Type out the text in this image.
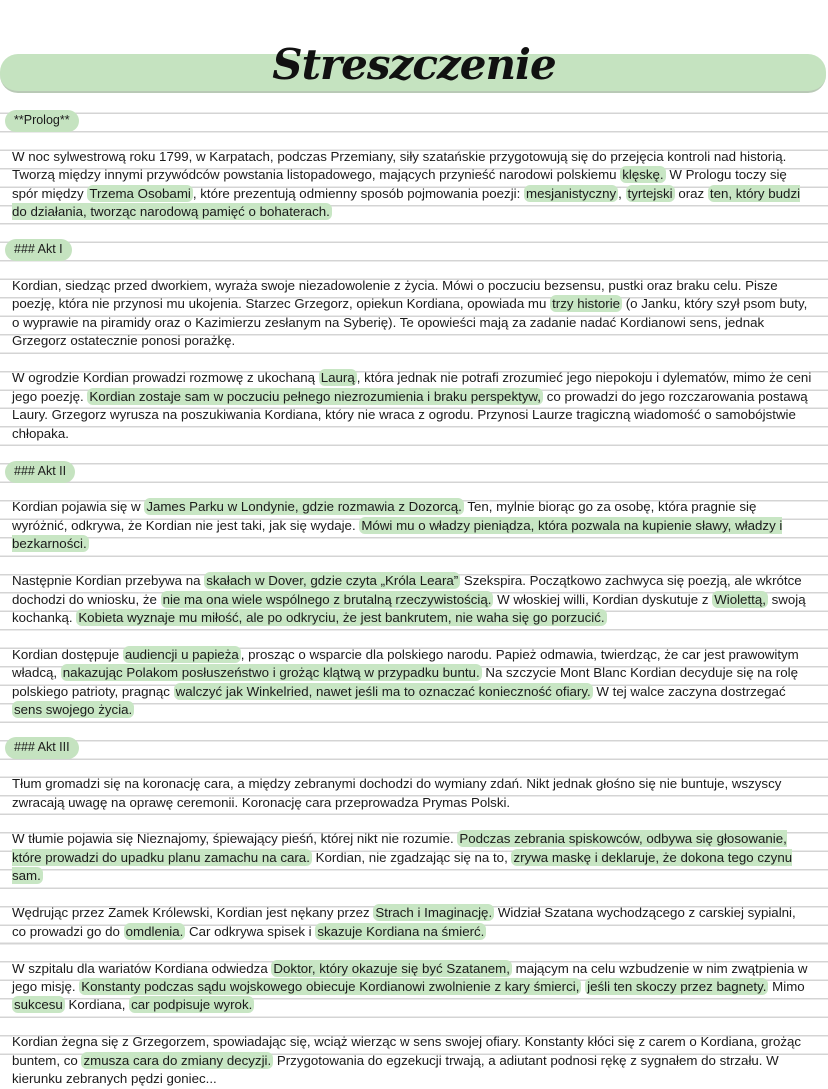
Streszczenie
**Prolog**

W noc sylwestrową roku 1799, w Karpatach, podczas Przemiany, siły szatańskie przygotowują się do przejęcia kontroli nad historią. Tworzą między innymi przywódców powstania listopadowego, mających przynieść narodowi polskiemu klęskę. W Prologu toczy się spór między Trzema Osobami , które prezentują odmienny sposób pojmowania poezji: mesjanistyczny , tyrtejski oraz ten, który budzi do działania, tworząc narodową pamięć o bohaterach.

### Akt I

Kordian, siedząc przed dworkiem, wyraża swoje niezadowolenie z życia. Mówi o poczuciu bezsensu, pustki oraz braku celu. Pisze poezję, która nie przynosi mu ukojenia. Starzec Grzegorz, opiekun Kordiana, opowiada mu trzy historie (o Janku, który szył psom buty, o wyprawie na piramidy oraz o Kazimierzu zesłanym na Syberię). Te opowieści mają za zadanie nadać Kordianowi sens, jednak Grzegorz ostatecznie ponosi porażkę.

W ogrodzie Kordian prowadzi rozmowę z ukochaną Laurą , która jednak nie potrafi zrozumieć jego niepokoju i dylematów, mimo że ceni jego poezję. Kordian zostaje sam w poczuciu pełnego niezrozumienia i braku perspektyw, co prowadzi do jego rozczarowania postawą Laury. Grzegorz wyrusza na poszukiwania Kordiana, który nie wraca z ogrodu. Przynosi Laurze tragiczną wiadomość o samobójstwie chłopaka.

### Akt II

Kordian pojawia się w James Parku w Londynie, gdzie rozmawia z Dozorcą. Ten, mylnie biorąc go za osobę, która pragnie się wyróżnić, odkrywa, że Kordian nie jest taki, jak się wydaje. Mówi mu o władzy pieniądza, która pozwala na kupienie sławy, władzy i bezkarności.

Następnie Kordian przebywa na skałach w Dover, gdzie czyta „Króla Leara” Szekspira. Początkowo zachwyca się poezją, ale wkrótce dochodzi do wniosku, że nie ma ona wiele wspólnego z brutalną rzeczywistością. W włoskiej willi, Kordian dyskutuje z Wiolettą, swoją kochanką. Kobieta wyznaje mu miłość, ale po odkryciu, że jest bankrutem, nie waha się go porzucić.

Kordian dostępuje audiencji u papieża , prosząc o wsparcie dla polskiego narodu. Papież odmawia, twierdząc, że car jest prawowitym władcą, nakazując Polakom posłuszeństwo i grożąc klątwą w przypadku buntu. Na szczycie Mont Blanc Kordian decyduje się na rolę polskiego patrioty, pragnąc walczyć jak Winkelried, nawet jeśli ma to oznaczać konieczność ofiary. W tej walce zaczyna dostrzegać sens swojego życia.

### Akt III

Tłum gromadzi się na koronację cara, a między zebranymi dochodzi do wymiany zdań. Nikt jednak głośno się nie buntuje, wszyscy zwracają uwagę na oprawę ceremonii. Koronację cara przeprowadza Prymas Polski.

W tłumie pojawia się Nieznajomy, śpiewający pieśń, której nikt nie rozumie. Podczas zebrania spiskowców, odbywa się głosowanie, które prowadzi do upadku planu zamachu na cara. Kordian, nie zgadzając się na to, zrywa maskę i deklaruje, że dokona tego czynu sam.

Wędrując przez Zamek Królewski, Kordian jest nękany przez Strach i Imaginację. Widział Szatana wychodzącego z carskiej sypialni, co prowadzi go do omdlenia. Car odkrywa spisek i skazuje Kordiana na śmierć.

W szpitalu dla wariatów Kordiana odwiedza Doktor, który okazuje się być Szatanem, mającym na celu wzbudzenie w nim zwątpienia w jego misję. Konstanty podczas sądu wojskowego obiecuje Kordianowi zwolnienie z kary śmierci, jeśli ten skoczy przez bagnety. Mimo sukcesu Kordiana, car podpisuje wyrok.

Kordian żegna się z Grzegorzem, spowiadając się, wciąż wierząc w sens swojej ofiary. Konstanty kłóci się z carem o Kordiana, grożąc buntem, co zmusza cara do zmiany decyzji. Przygotowania do egzekucji trwają, a adiutant podnosi rękę z sygnałem do strzału. W kierunku zebranych pędzi goniec...
